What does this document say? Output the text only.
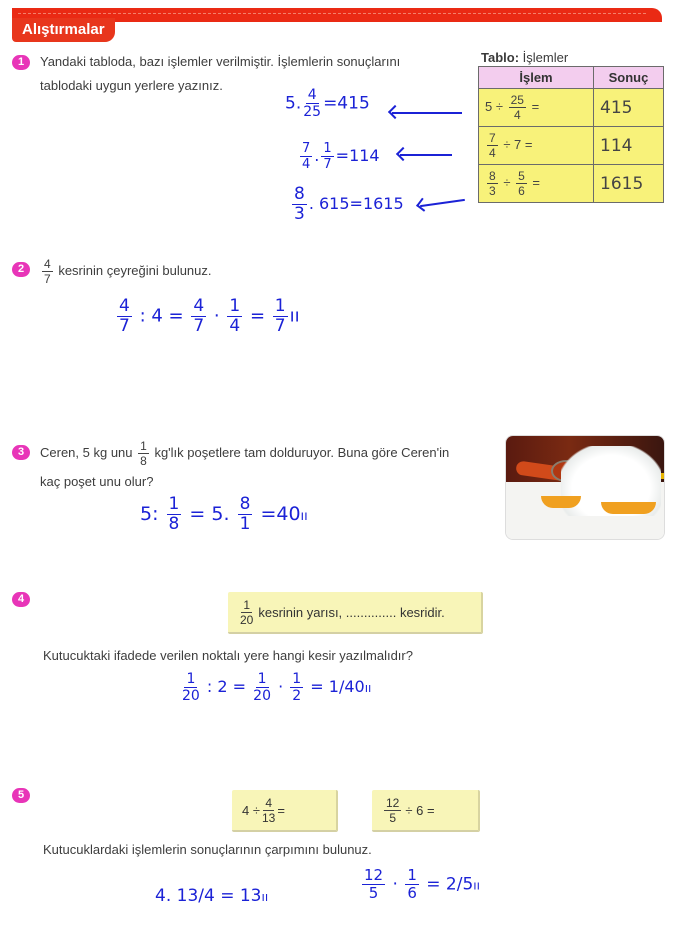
Alıştırmalar
1	Yandaki tabloda, bazı işlemler verilmiştir. İşlemlerin sonuçlarını
tablodaki uygun yerlere yazınız.
Tablo: İşlemler
İşlem	Sonuç
$5 \div \frac{25}{4}$ =	415

$\frac{7}{4} \div 7$ =	114

$\frac{8}{3} \div \frac{5}{6}$ =	1615
5. $\frac{4}{25} =415$
$\frac{7}{4}$ . $\frac{1}{7} =114$
$\frac{8}{3}$ . 615=1615
2	$\frac{4}{7}$ kesrinin çeyreğini bulunuz.
$\frac{4}{7}$ : $4 = \frac{4}{7} \cdot \frac{1}{4} = \frac{1}{7}$ ıı
3	Ceren, 5 kg unu $\frac{1}{8}$ kg'lık poşetlere tam dolduruyor. Buna göre Ceren'in
kaç poşet unu olur?
5: $\frac{1}{8} = 5$. $\frac{8}{1}$ =40ıı
4	$\frac{1}{20}$ kesrinin yarısı, .............. kesridir.
Kutucuktaki ifadede verilen noktalı yere hangi kesir yazılmalıdır?
$\frac{1}{20}$ : $2 = \frac{1}{20} \cdot \frac{1}{2}$ = 1/40ıı
5
$4 \div \frac{4}{13}$ =	$\frac{12}{5} \div 6$ =
Kutucuklardaki işlemlerin sonuçlarının çarpımını bulunuz.
4. 13/4 = 13ıı	$\frac{12}{5} \cdot \frac{1}{6}$ = 2/5ıı
